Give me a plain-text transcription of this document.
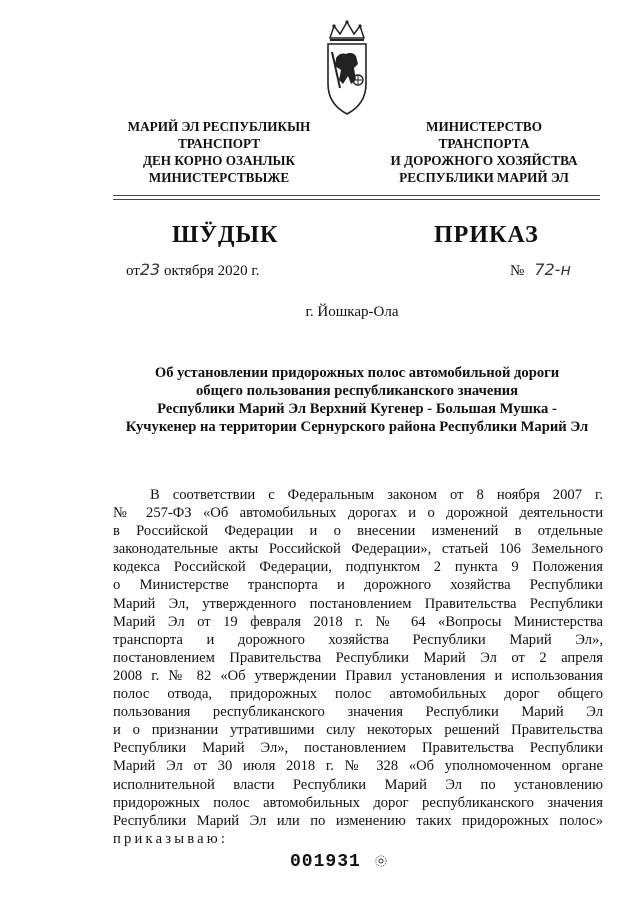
МАРИЙ ЭЛ РЕСПУБЛИКЫН
ТРАНСПОРТ
ДЕН КОРНО ОЗАНЛЫК
МИНИСТЕРСТВЫЖЕ
МИНИСТЕРСТВО
ТРАНСПОРТА
И ДОРОЖНОГО ХОЗЯЙСТВА
РЕСПУБЛИКИ МАРИЙ ЭЛ
ШӰДЫК	ПРИКАЗ
от23 октября 2020 г.	№ 72-н
г. Йошкар-Ола
Об установлении придорожных полос автомобильной дороги
общего пользования республиканского значения
Республики Марий Эл Верхний Кугенер - Большая Мушка -
Кучукенер на территории Сернурского района Республики Марий Эл
В соответствии с Федеральным законом от 8 ноября 2007 г.
№ 257-ФЗ «Об автомобильных дорогах и о дорожной деятельности
в Российской Федерации и о внесении изменений в отдельные
законодательные акты Российской Федерации», статьей 106 Земельного
кодекса Российской Федерации, подпунктом 2 пункта 9 Положения
о Министерстве транспорта и дорожного хозяйства Республики
Марий Эл, утвержденного постановлением Правительства Республики
Марий Эл от 19 февраля 2018 г. № 64 «Вопросы Министерства
транспорта и дорожного хозяйства Республики Марий Эл»,
постановлением Правительства Республики Марий Эл от 2 апреля
2008 г. № 82 «Об утверждении Правил установления и использования
полос отвода, придорожных полос автомобильных дорог общего
пользования республиканского значения Республики Марий Эл
и о признании утратившими силу некоторых решений Правительства
Республики Марий Эл», постановлением Правительства Республики
Марий Эл от 30 июля 2018 г. № 328 «Об уполномоченном органе
исполнительной власти Республики Марий Эл по установлению
придорожных полос автомобильных дорог республиканского значения
Республики Марий Эл или по изменению таких придорожных полос»
приказываю:
001931
